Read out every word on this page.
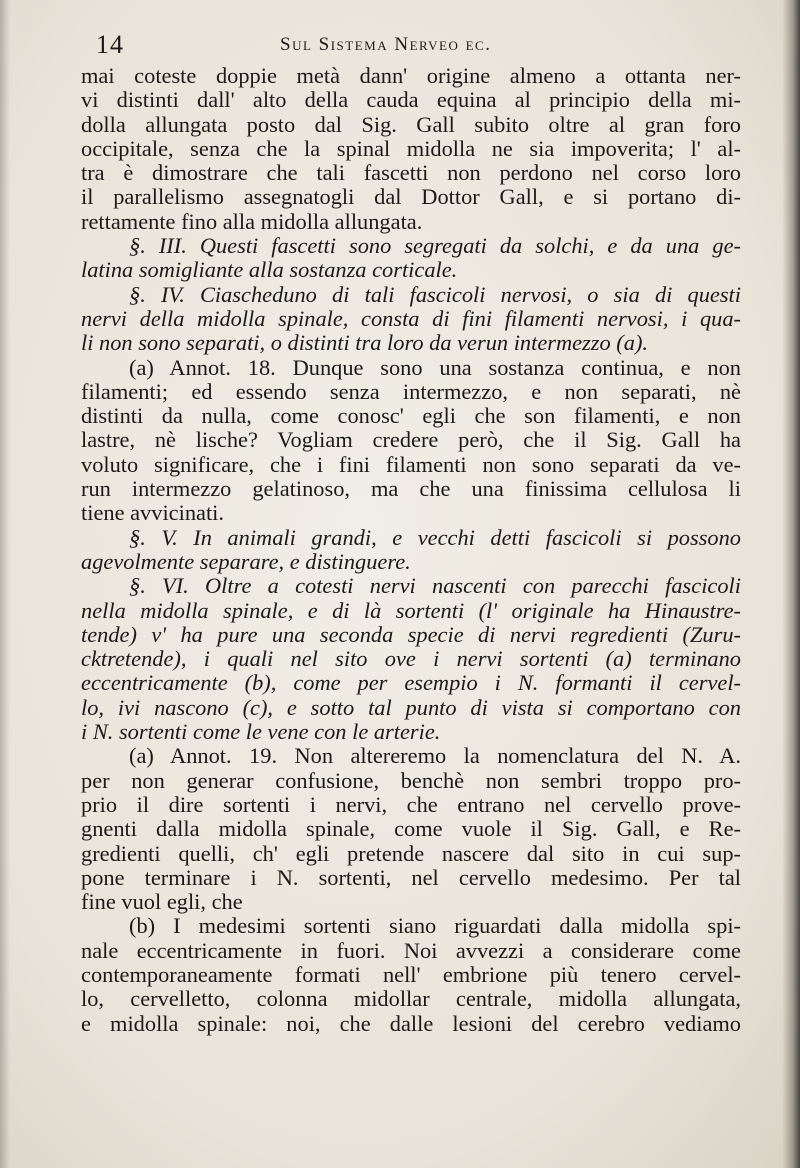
14	Sul Sistema Nerveo ec.
mai coteste doppie metà dann' origine almeno a ottanta ner-
vi distinti dall' alto della cauda equina al principio della mi-
dolla allungata posto dal Sig. Gall subito oltre al gran foro
occipitale, senza che la spinal midolla ne sia impoverita; l' al-
tra è dimostrare che tali fascetti non perdono nel corso loro
il parallelismo assegnatogli dal Dottor Gall, e si portano di-
rettamente fino alla midolla allungata.
§. III. Questi fascetti sono segregati da solchi, e da una ge-
latina somigliante alla sostanza corticale.
§. IV. Ciascheduno di tali fascicoli nervosi, o sia di questi
nervi della midolla spinale, consta di fini filamenti nervosi, i qua-
li non sono separati, o distinti tra loro da verun intermezzo (a).
(a) Annot. 18. Dunque sono una sostanza continua, e non
filamenti; ed essendo senza intermezzo, e non separati, nè
distinti da nulla, come conosc' egli che son filamenti, e non
lastre, nè lische? Vogliam credere però, che il Sig. Gall ha
voluto significare, che i fini filamenti non sono separati da ve-
run intermezzo gelatinoso, ma che una finissima cellulosa li
tiene avvicinati.
§. V. In animali grandi, e vecchi detti fascicoli si possono
agevolmente separare, e distinguere.
§. VI. Oltre a cotesti nervi nascenti con parecchi fascicoli
nella midolla spinale, e di là sortenti (l' originale ha Hinaustre-
tende) v' ha pure una seconda specie di nervi regredienti (Zuru-
cktretende), i quali nel sito ove i nervi sortenti (a) terminano
eccentricamente (b), come per esempio i N. formanti il cervel-
lo, ivi nascono (c), e sotto tal punto di vista si comportano con
i N. sortenti come le vene con le arterie.
(a) Annot. 19. Non altereremo la nomenclatura del N. A.
per non generar confusione, benchè non sembri troppo pro-
prio il dire sortenti i nervi, che entrano nel cervello prove-
gnenti dalla midolla spinale, come vuole il Sig. Gall, e Re-
gredienti quelli, ch' egli pretende nascere dal sito in cui sup-
pone terminare i N. sortenti, nel cervello medesimo. Per tal
fine vuol egli, che
(b) I medesimi sortenti siano riguardati dalla midolla spi-
nale eccentricamente in fuori. Noi avvezzi a considerare come
contemporaneamente formati nell' embrione più tenero cervel-
lo, cervelletto, colonna midollar centrale, midolla allungata,
e midolla spinale: noi, che dalle lesioni del cerebro vediamo
